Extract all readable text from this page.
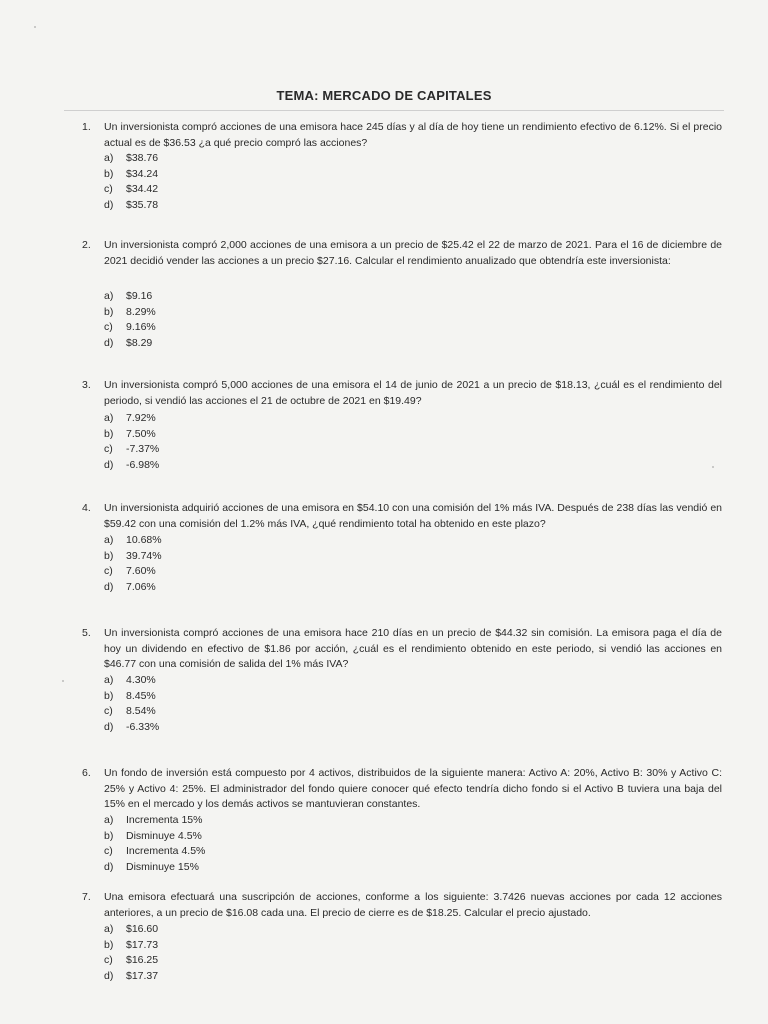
TEMA: MERCADO DE CAPITALES
1. Un inversionista compró acciones de una emisora hace 245 días y al día de hoy tiene un rendimiento efectivo de 6.12%. Si el precio actual es de $36.53 ¿a qué precio compró las acciones?
a) $38.76
b) $34.24
c) $34.42
d) $35.78
2. Un inversionista compró 2,000 acciones de una emisora a un precio de $25.42 el 22 de marzo de 2021. Para el 16 de diciembre de 2021 decidió vender las acciones a un precio $27.16. Calcular el rendimiento anualizado que obtendría este inversionista:
a) $9.16
b) 8.29%
c) 9.16%
d) $8.29
3. Un inversionista compró 5,000 acciones de una emisora el 14 de junio de 2021 a un precio de $18.13, ¿cuál es el rendimiento del periodo, si vendió las acciones el 21 de octubre de 2021 en $19.49?
a) 7.92%
b) 7.50%
c) -7.37%
d) -6.98%
4. Un inversionista adquirió acciones de una emisora en $54.10 con una comisión del 1% más IVA. Después de 238 días las vendió en $59.42 con una comisión del 1.2% más IVA, ¿qué rendimiento total ha obtenido en este plazo?
a) 10.68%
b) 39.74%
c) 7.60%
d) 7.06%
5. Un inversionista compró acciones de una emisora hace 210 días en un precio de $44.32 sin comisión. La emisora paga el día de hoy un dividendo en efectivo de $1.86 por acción, ¿cuál es el rendimiento obtenido en este periodo, si vendió las acciones en $46.77 con una comisión de salida del 1% más IVA?
a) 4.30%
b) 8.45%
c) 8.54%
d) -6.33%
6. Un fondo de inversión está compuesto por 4 activos, distribuidos de la siguiente manera: Activo A: 20%, Activo B: 30% y Activo C: 25% y Activo 4: 25%. El administrador del fondo quiere conocer qué efecto tendría dicho fondo si el Activo B tuviera una baja del 15% en el mercado y los demás activos se mantuvieran constantes.
a) Incrementa 15%
b) Disminuye 4.5%
c) Incrementa 4.5%
d) Disminuye 15%
7. Una emisora efectuará una suscripción de acciones, conforme a los siguiente: 3.7426 nuevas acciones por cada 12 acciones anteriores, a un precio de $16.08 cada una. El precio de cierre es de $18.25. Calcular el precio ajustado.
a) $16.60
b) $17.73
c) $16.25
d) $17.37
